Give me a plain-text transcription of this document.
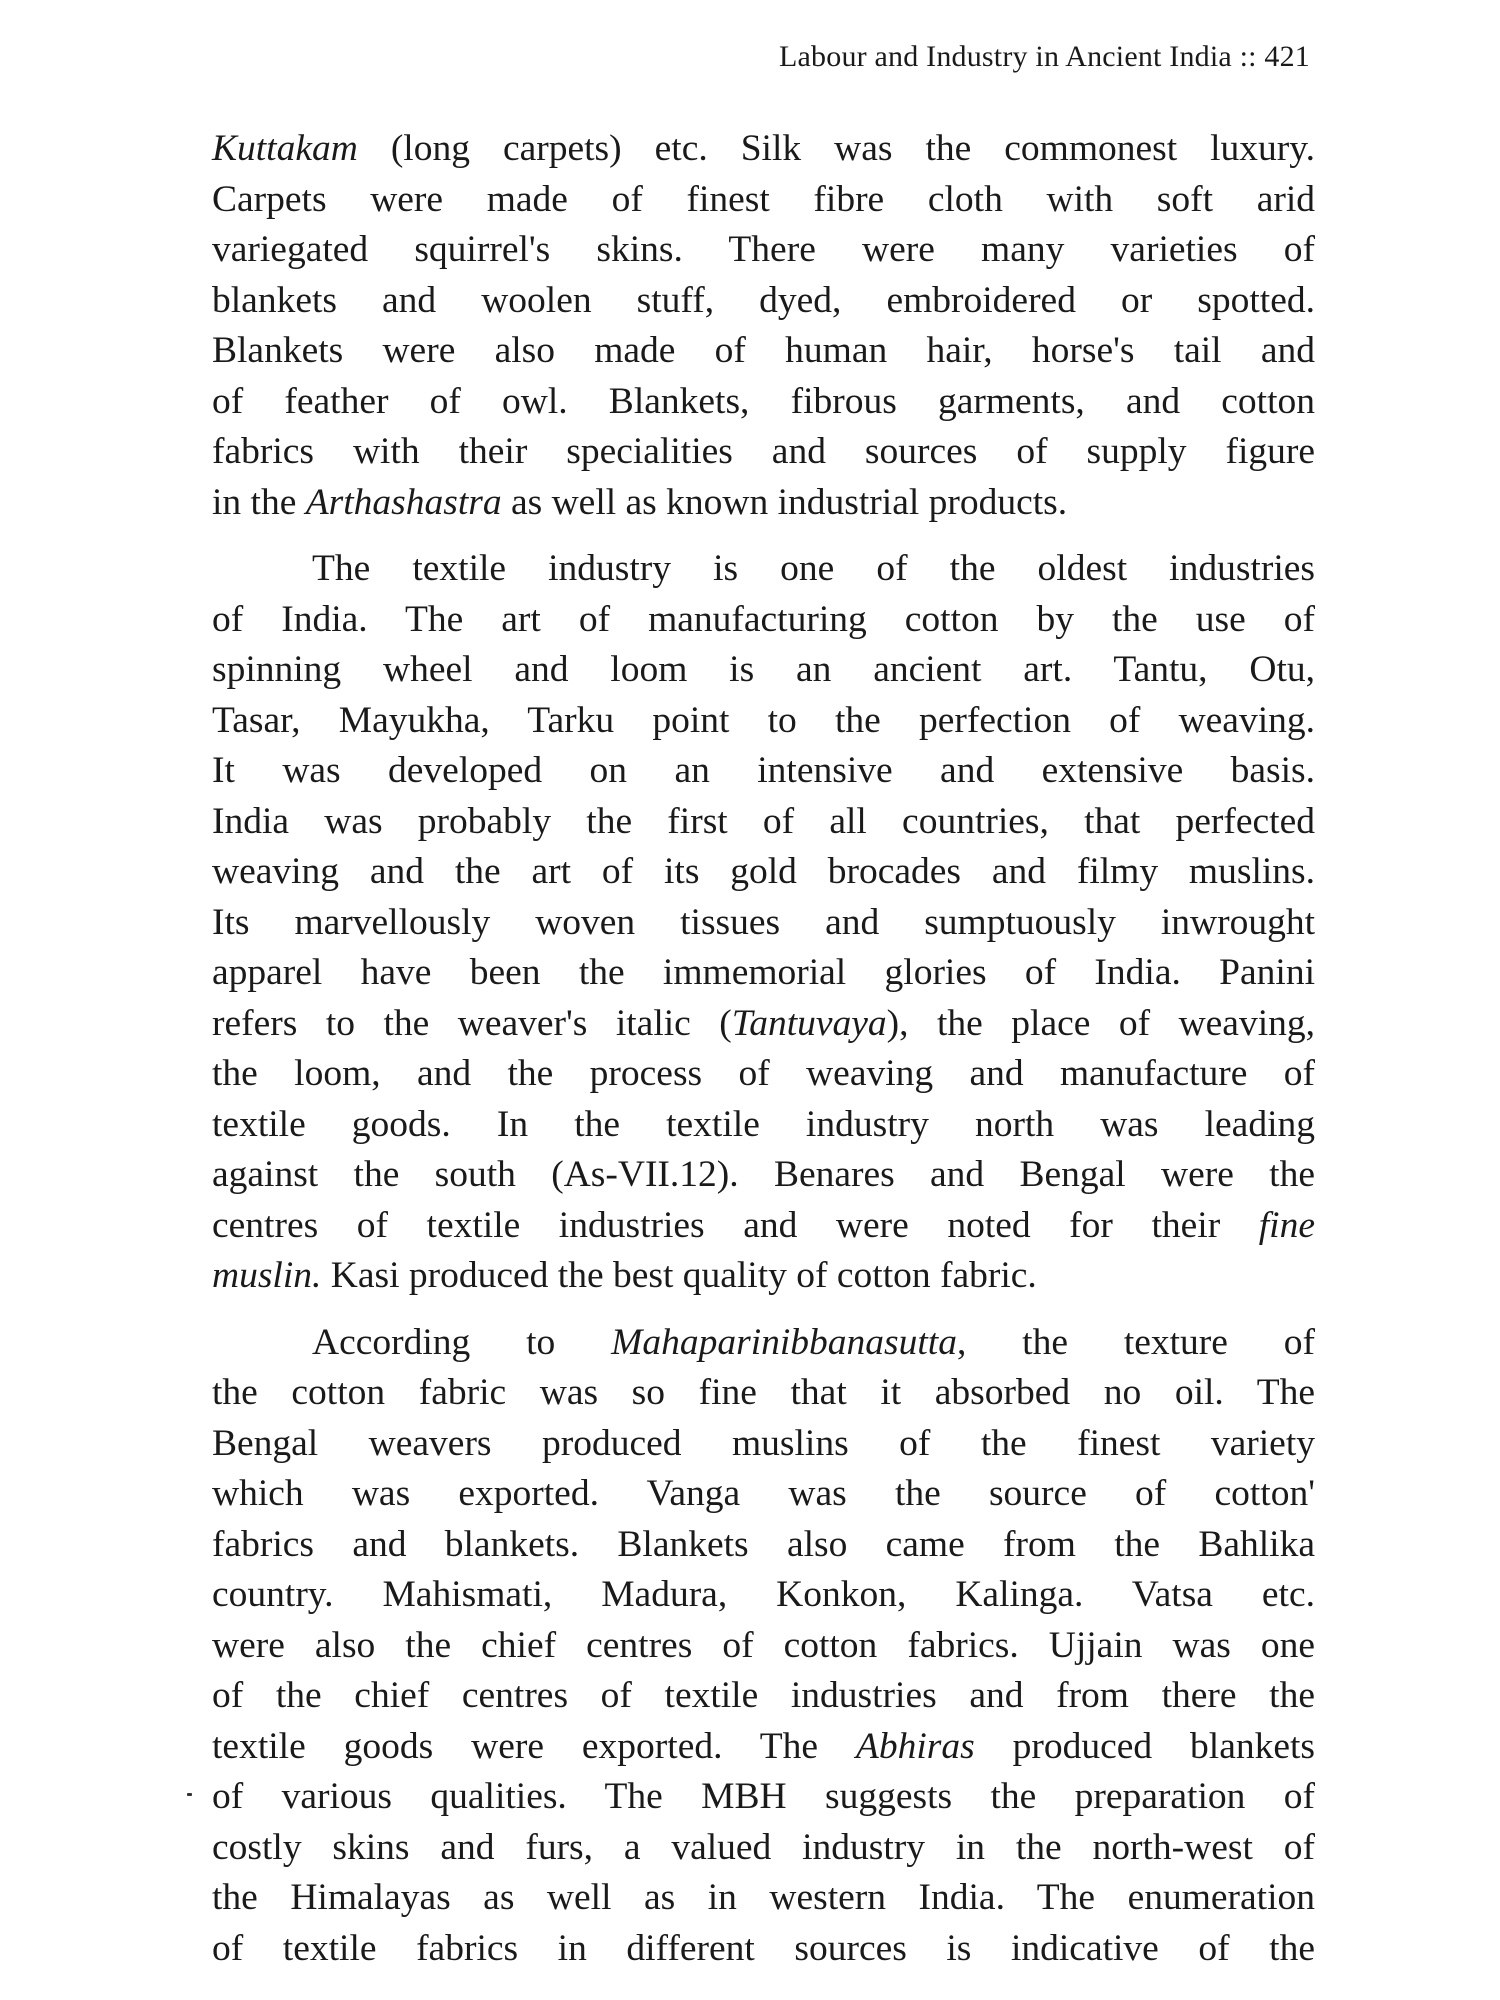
Labour and Industry in Ancient India :: 421
Kuttakam (long carpets) etc. Silk was the commonest luxury.
Carpets were made of finest fibre cloth with soft arid
variegated squirrel's skins. There were many varieties of
blankets and woolen stuff, dyed, embroidered or spotted.
Blankets were also made of human hair, horse's tail and
of feather of owl. Blankets, fibrous garments, and cotton
fabrics with their specialities and sources of supply figure
in the Arthashastra as well as known industrial products.
The textile industry is one of the oldest industries
of India. The art of manufacturing cotton by the use of
spinning wheel and loom is an ancient art. Tantu, Otu,
Tasar, Mayukha, Tarku point to the perfection of weaving.
It was developed on an intensive and extensive basis.
India was probably the first of all countries, that perfected
weaving and the art of its gold brocades and filmy muslins.
Its marvellously woven tissues and sumptuously inwrought
apparel have been the immemorial glories of India. Panini
refers to the weaver's italic (Tantuvaya), the place of weaving,
the loom, and the process of weaving and manufacture of
textile goods. In the textile industry north was leading
against the south (As-VII.12). Benares and Bengal were the
centres of textile industries and were noted for their fine
muslin. Kasi produced the best quality of cotton fabric.
According to Mahaparinibbanasutta, the texture of
the cotton fabric was so fine that it absorbed no oil. The
Bengal weavers produced muslins of the finest variety
which was exported. Vanga was the source of cotton'
fabrics and blankets. Blankets also came from the Bahlika
country. Mahismati, Madura, Konkon, Kalinga. Vatsa etc.
were also the chief centres of cotton fabrics. Ujjain was one
of the chief centres of textile industries and from there the
textile goods were exported. The Abhiras produced blankets
of various qualities. The MBH suggests the preparation of
costly skins and furs, a valued industry in the north-west of
the Himalayas as well as in western India. The enumeration
of textile fabrics in different sources is indicative of the
